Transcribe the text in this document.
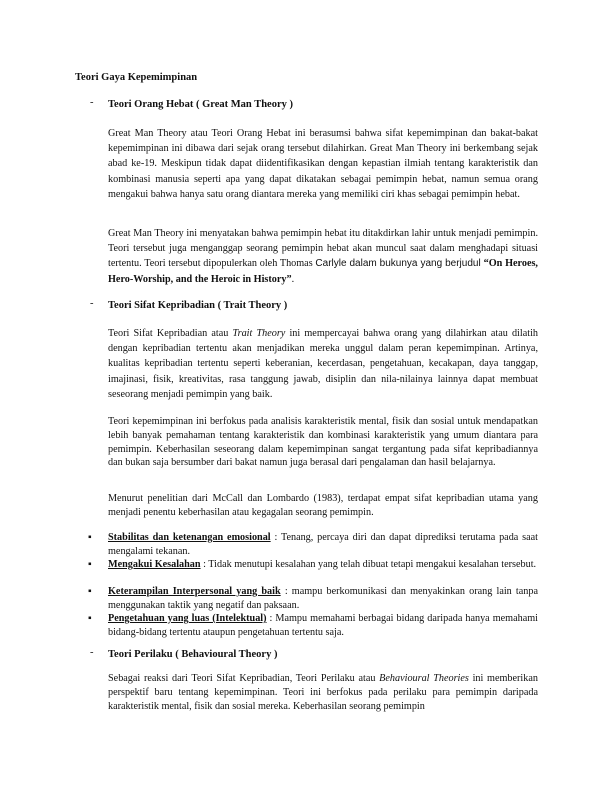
Teori Gaya Kepemimpinan
- Teori Orang Hebat ( Great Man Theory )
Great Man Theory atau Teori Orang Hebat ini berasumsi bahwa sifat kepemimpinan dan bakat-bakat kepemimpinan ini dibawa dari sejak orang tersebut dilahirkan. Great Man Theory ini berkembang sejak abad ke-19. Meskipun tidak dapat diidentifikasikan dengan kepastian ilmiah tentang karakteristik dan kombinasi manusia seperti apa yang dapat dikatakan sebagai pemimpin hebat, namun semua orang mengakui bahwa hanya satu orang diantara mereka yang memiliki ciri khas sebagai pemimpin hebat.
Great Man Theory ini menyatakan bahwa pemimpin hebat itu ditakdirkan lahir untuk menjadi pemimpin. Teori tersebut juga menganggap seorang pemimpin hebat akan muncul saat dalam menghadapi situasi tertentu. Teori tersebut dipopulerkan oleh Thomas Carlyle dalam bukunya yang berjudul “On Heroes, Hero-Worship, and the Heroic in History”.
- Teori Sifat Kepribadian ( Trait Theory )
Teori Sifat Kepribadian atau Trait Theory ini mempercayai bahwa orang yang dilahirkan atau dilatih dengan kepribadian tertentu akan menjadikan mereka unggul dalam peran kepemimpinan. Artinya, kualitas kepribadian tertentu seperti keberanian, kecerdasan, pengetahuan, kecakapan, daya tanggap, imajinasi, fisik, kreativitas, rasa tanggung jawab, disiplin dan nila-nilainya lainnya dapat membuat seseorang menjadi pemimpin yang baik.
Teori kepemimpinan ini berfokus pada analisis karakteristik mental, fisik dan sosial untuk mendapatkan lebih banyak pemahaman tentang karakteristik dan kombinasi karakteristik yang umum diantara para pemimpin. Keberhasilan seseorang dalam kepemimpinan sangat tergantung pada sifat kepribadiannya dan bukan saja bersumber dari bakat namun juga berasal dari pengalaman dan hasil belajarnya.
Menurut penelitian dari McCall dan Lombardo (1983), terdapat empat sifat kepribadian utama yang menjadi penentu keberhasilan atau kegagalan seorang pemimpin.
▪ Stabilitas dan ketenangan emosional : Tenang, percaya diri dan dapat diprediksi terutama pada saat mengalami tekanan.
▪ Mengakui Kesalahan : Tidak menutupi kesalahan yang telah dibuat tetapi mengakui kesalahan tersebut.
▪ Keterampilan Interpersonal yang baik : mampu berkomunikasi dan menyakinkan orang lain tanpa menggunakan taktik yang negatif dan paksaan.
▪ Pengetahuan yang luas (Intelektual) : Mampu memahami berbagai bidang daripada hanya memahami bidang-bidang tertentu ataupun pengetahuan tertentu saja.
- Teori Perilaku ( Behavioural Theory )
Sebagai reaksi dari Teori Sifat Kepribadian, Teori Perilaku atau Behavioural Theories ini memberikan perspektif baru tentang kepemimpinan. Teori ini berfokus pada perilaku para pemimpin daripada karakteristik mental, fisik dan sosial mereka. Keberhasilan seorang pemimpin
